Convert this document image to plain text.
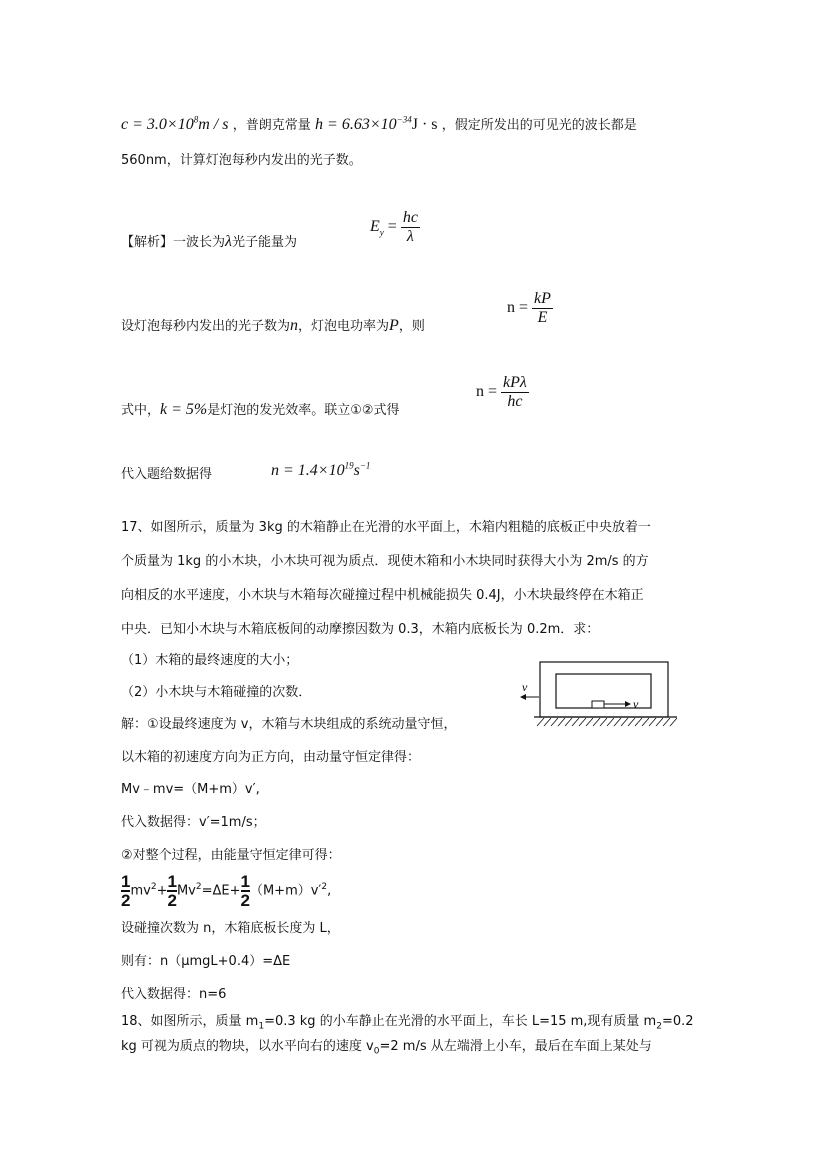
$c = 3.0\times 10^8m / s$ ，普朗克常量 $h = 6.63\times 10^{-34}J \cdot s$ ，假定所发出的可见光的波长都是
560nm，计算灯泡每秒内发出的光子数。
【解析】一波长为λ光子能量为
$E_y = \frac{hc}{\lambda}$
设灯泡每秒内发出的光子数为n，灯泡电功率为P，则
$n = \frac{kP}{E}$
式中，k = 5%是灯泡的发光效率。联立①②式得
$n = \frac{\text{kPλ}}{hc}$
代入题给数据得	$n = 1.4\times 10^{19}s^{-1}$
17、如图所示，质量为 3kg 的木箱静止在光滑的水平面上，木箱内粗糙的底板正中央放着一
个质量为 1kg 的小木块，小木块可视为质点．现使木箱和小木块同时获得大小为 2m/s 的方
向相反的水平速度，小木块与木箱每次碰撞过程中机械能损失 0.4J，小木块最终停在木箱正
中央．已知小木块与木箱底板间的动摩擦因数为 0.3，木箱内底板长为 0.2m．求：
（1）木箱的最终速度的大小；
（2）小木块与木箱碰撞的次数．
解：①设最终速度为 v，木箱与木块组成的系统动量守恒，
以木箱的初速度方向为正方向，由动量守恒定律得：
Mv﹣mv=（M+m）v′,
代入数据得：v′=1m/s；
②对整个过程，由能量守恒定律可得：
$\frac{1}{2} mv^2+ \frac{1}{2} Mv^2=\Delta E+ \frac{1}{2} (M+m)v'^2$,
设碰撞次数为 n，木箱底板长度为 L，
则有：n（μmgL+0.4）=ΔE
代入数据得：n=6
18、如图所示，质量 $m_1=0.3$ kg 的小车静止在光滑的水平面上，车长 L=15 m,现有质量 $m_2=0.2$
kg 可视为质点的物块，以水平向右的速度 $v_0=2$ m/s 从左端滑上小车，最后在车面上某处与
v
v
